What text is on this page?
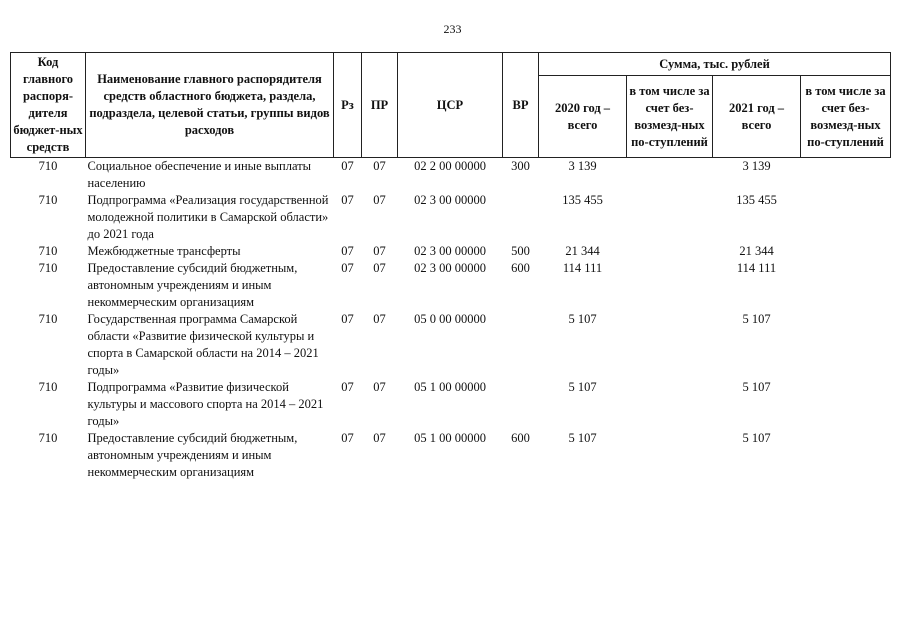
233
Код главного распоря-дителя бюджет-ных средств	Наименование главного распорядителя средств областного бюджета, раздела, подраздела, целевой статьи, группы видов расходов	Рз	ПР	ЦСР	ВР	Сумма, тыс. рублей			
						2020 год – всего	в том числе за счет без-возмезд-ных по-ступлений	2021 год – всего	в том числе за счет без-возмезд-ных по-ступлений
710	Социальное обеспечение и иные выплаты населению	07	07	02 2 00 00000	300	3 139		3 139	
710	Подпрограмма «Реализация государственной молодежной политики в Самарской области» до 2021 года	07	07	02 3 00 00000		135 455		135 455	
710	Межбюджетные трансферты	07	07	02 3 00 00000	500	21 344		21 344	
710	Предоставление субсидий бюджетным, автономным учреждениям и иным некоммерческим организациям	07	07	02 3 00 00000	600	114 111		114 111	
710	Государственная программа Самарской области «Развитие физической культуры и спорта в Самарской области на 2014 – 2021 годы»	07	07	05 0 00 00000		5 107		5 107	
710	Подпрограмма «Развитие физической культуры и массового спорта на 2014 – 2021 годы»	07	07	05 1 00 00000		5 107		5 107	
710	Предоставление субсидий бюджетным, автономным учреждениям и иным некоммерческим организациям	07	07	05 1 00 00000	600	5 107		5 107	
